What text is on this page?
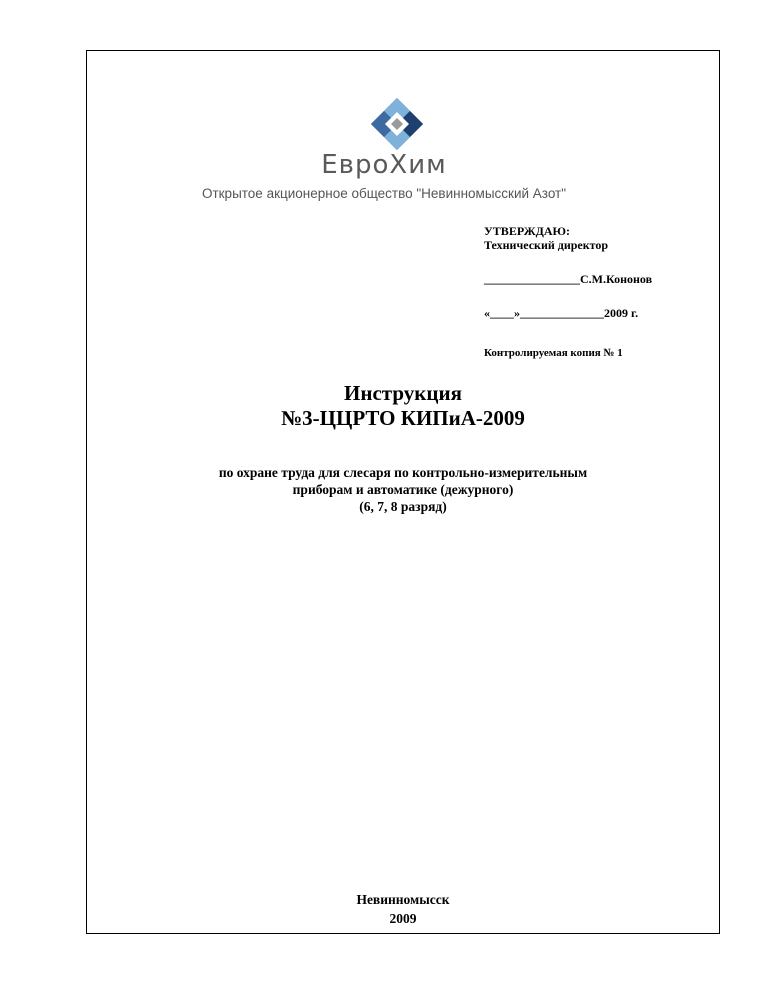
ЕвроХим
Открытое акционерное общество "Невинномысский Азот"
УТВЕРЖДАЮ:
Технический директор
________________С.М.Кононов
«____»______________2009 г.
Контролируемая копия № 1
Инструкция
№3-ЦЦРТО КИПиА-2009
по охране труда для слесаря по контрольно-измерительным
приборам и автоматике (дежурного)
(6, 7, 8 разряд)
Невинномысск
2009
